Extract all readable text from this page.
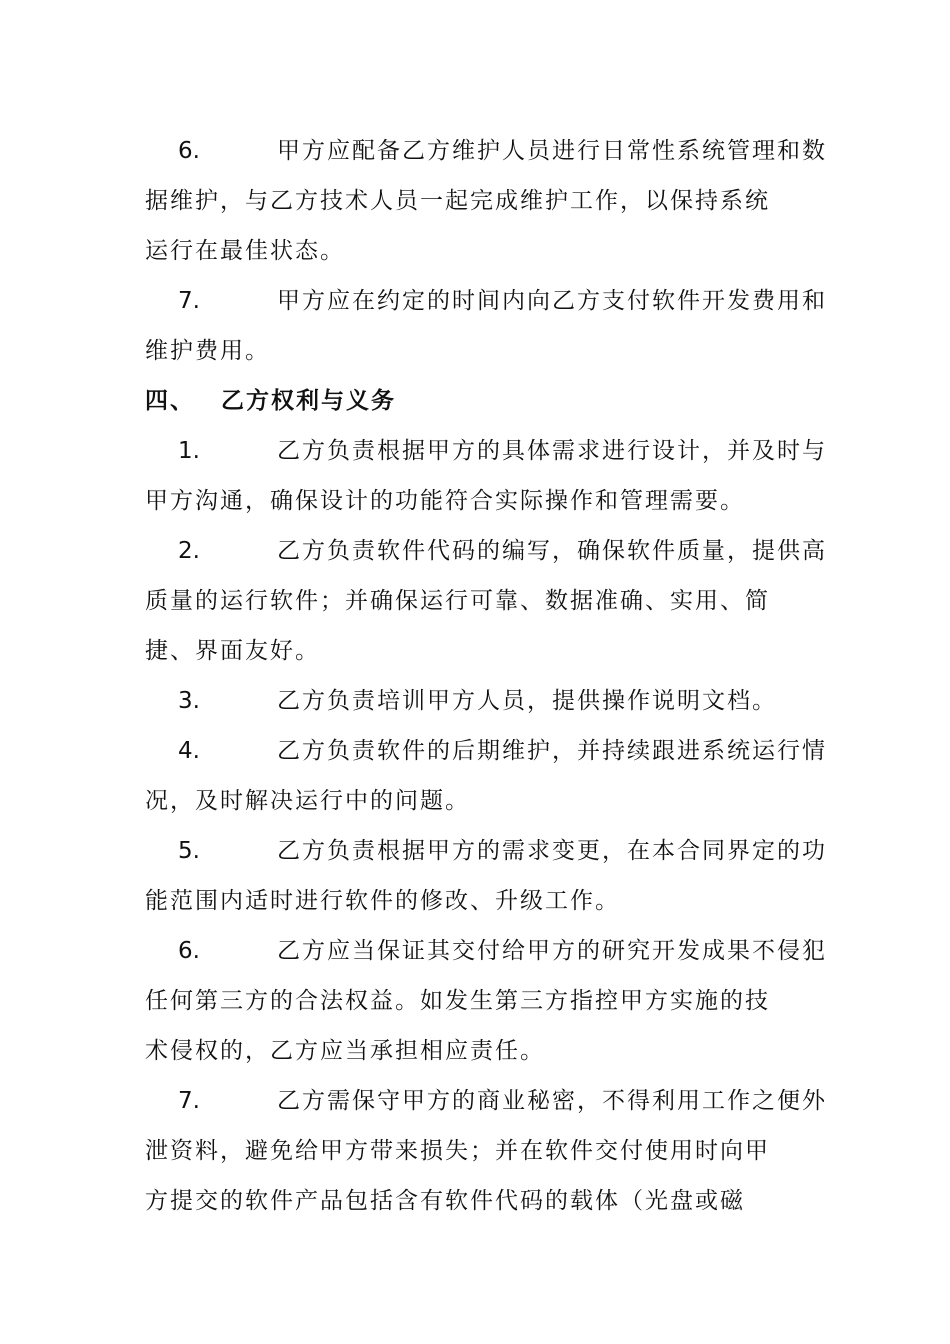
6.	甲方应配备乙方维护人员进行日常性系统管理和数
据维护，与乙方技术人员一起完成维护工作，以保持系统
运行在最佳状态。
7.	甲方应在约定的时间内向乙方支付软件开发费用和
维护费用。
四、 乙方权利与义务
1.	乙方负责根据甲方的具体需求进行设计，并及时与
甲方沟通，确保设计的功能符合实际操作和管理需要。
2.	乙方负责软件代码的编写，确保软件质量，提供高
质量的运行软件；并确保运行可靠、数据准确、实用、简
捷、界面友好。
3.	乙方负责培训甲方人员，提供操作说明文档。
4.	乙方负责软件的后期维护，并持续跟进系统运行情
况，及时解决运行中的问题。
5.	乙方负责根据甲方的需求变更，在本合同界定的功
能范围内适时进行软件的修改、升级工作。
6.	乙方应当保证其交付给甲方的研究开发成果不侵犯
任何第三方的合法权益。如发生第三方指控甲方实施的技
术侵权的，乙方应当承担相应责任。
7.	乙方需保守甲方的商业秘密，不得利用工作之便外
泄资料，避免给甲方带来损失；并在软件交付使用时向甲
方提交的软件产品包括含有软件代码的载体（光盘或磁
